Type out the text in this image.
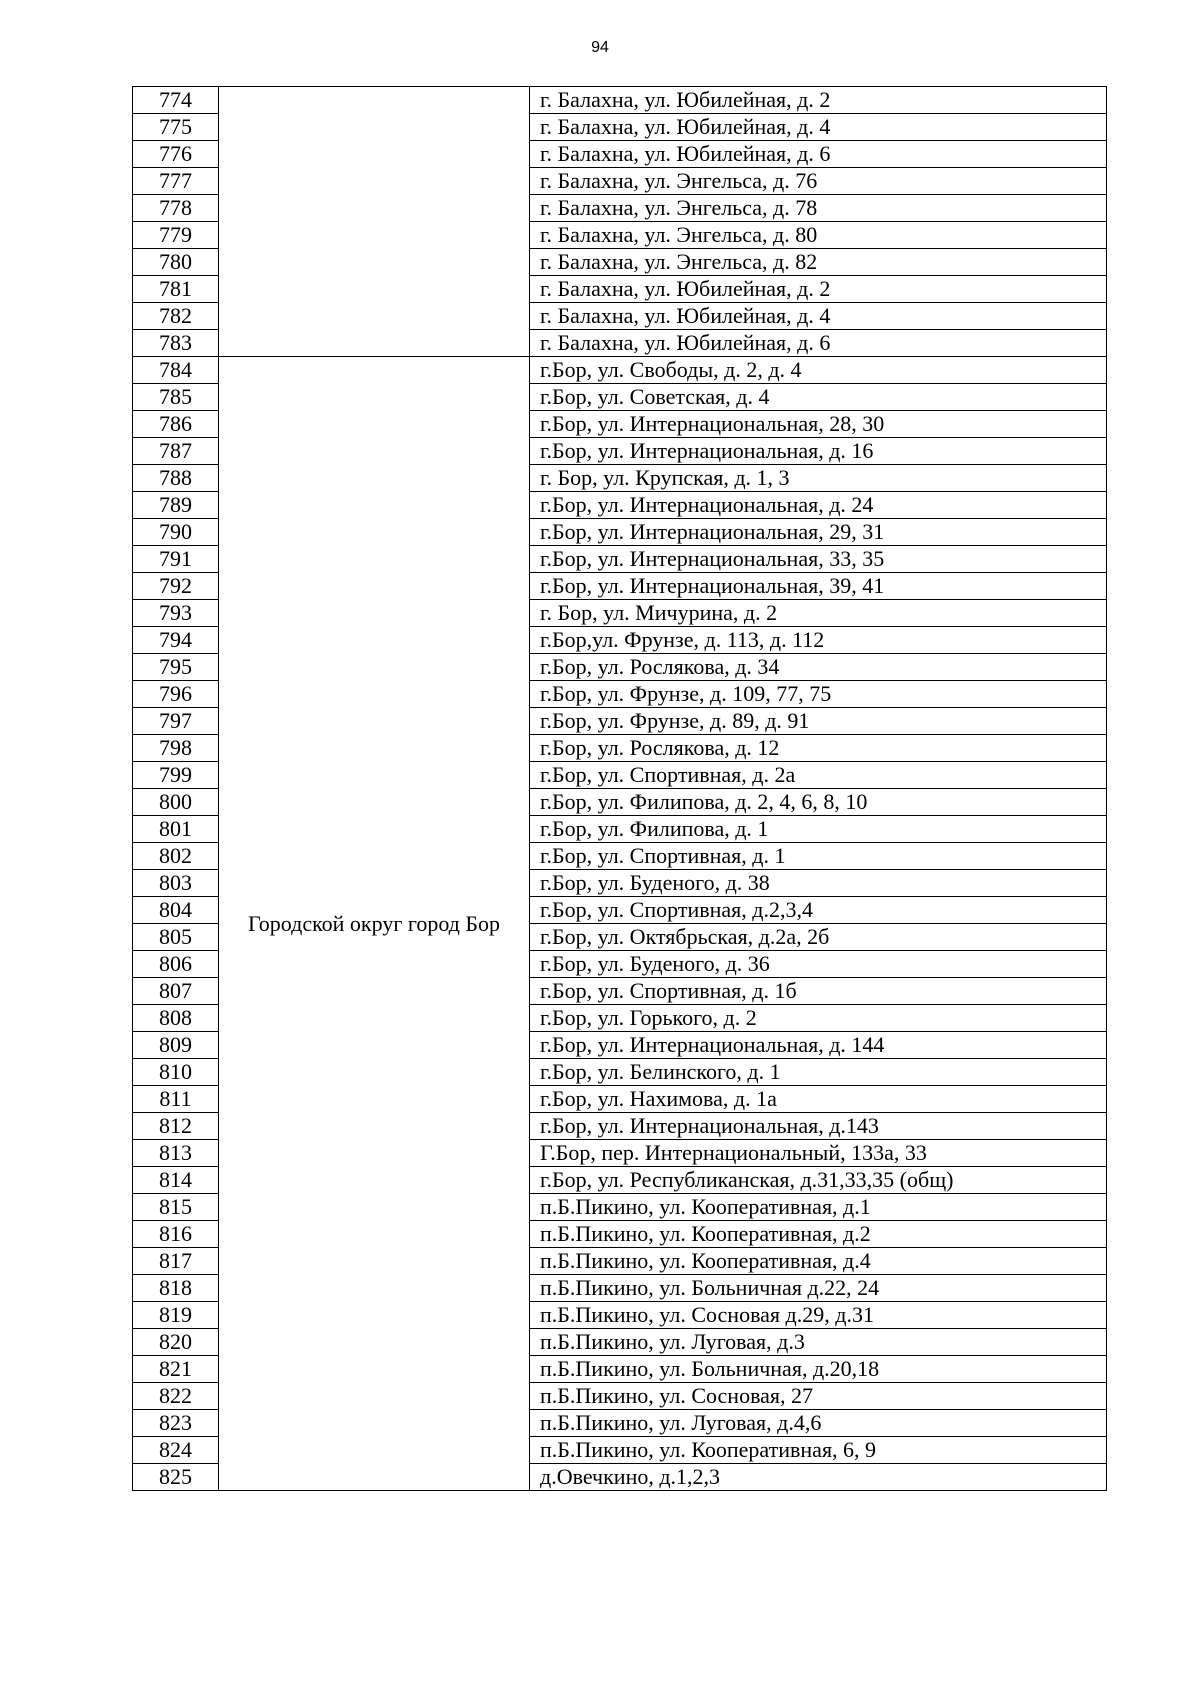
94
774		г. Балахна, ул. Юбилейная, д. 2
775		г. Балахна, ул. Юбилейная, д. 4
776		г. Балахна, ул. Юбилейная, д. 6
777		г. Балахна, ул. Энгельса, д. 76
778		г. Балахна, ул. Энгельса, д. 78
779		г. Балахна, ул. Энгельса, д. 80
780		г. Балахна, ул. Энгельса, д. 82
781		г. Балахна, ул. Юбилейная, д. 2
782		г. Балахна, ул. Юбилейная, д. 4
783		г. Балахна, ул. Юбилейная, д. 6
784	Городской округ город Бор	г.Бор, ул. Свободы, д. 2, д. 4
785		г.Бор, ул. Советская, д. 4
786		г.Бор, ул. Интернациональная, 28, 30
787		г.Бор, ул. Интернациональная, д. 16
788		г. Бор, ул. Крупская, д. 1, 3
789		г.Бор, ул. Интернациональная, д. 24
790		г.Бор, ул. Интернациональная, 29, 31
791		г.Бор, ул. Интернациональная, 33, 35
792		г.Бор, ул. Интернациональная, 39, 41
793		г. Бор, ул. Мичурина, д. 2
794		г.Бор,ул. Фрунзе, д. 113, д. 112
795		г.Бор, ул. Рослякова, д. 34
796		г.Бор, ул. Фрунзе, д. 109, 77, 75
797		г.Бор, ул. Фрунзе, д. 89, д. 91
798		г.Бор, ул. Рослякова, д. 12
799		г.Бор, ул. Спортивная, д. 2а
800		г.Бор, ул. Филипова, д. 2, 4, 6, 8, 10
801		г.Бор, ул. Филипова, д. 1
802		г.Бор, ул. Спортивная, д. 1
803		г.Бор, ул. Буденого, д. 38
804		г.Бор, ул. Спортивная, д.2,3,4
805		г.Бор, ул. Октябрьская, д.2а, 2б
806		г.Бор, ул. Буденого, д. 36
807		г.Бор, ул. Спортивная, д. 1б
808		г.Бор, ул. Горького, д. 2
809		г.Бор, ул. Интернациональная, д. 144
810		г.Бор, ул. Белинского, д. 1
811		г.Бор, ул. Нахимова, д. 1а
812		г.Бор, ул. Интернациональная, д.143
813		Г.Бор, пер. Интернациональный, 133а, 33
814		г.Бор, ул. Республиканская, д.31,33,35 (общ)
815		п.Б.Пикино, ул. Кооперативная, д.1
816		п.Б.Пикино, ул. Кооперативная, д.2
817		п.Б.Пикино, ул. Кооперативная, д.4
818		п.Б.Пикино, ул. Больничная д.22, 24
819		п.Б.Пикино, ул. Сосновая д.29, д.31
820		п.Б.Пикино, ул. Луговая, д.3
821		п.Б.Пикино, ул. Больничная, д.20,18
822		п.Б.Пикино, ул. Сосновая, 27
823		п.Б.Пикино, ул. Луговая, д.4,6
824		п.Б.Пикино, ул. Кооперативная, 6, 9
825		д.Овечкино, д.1,2,3
